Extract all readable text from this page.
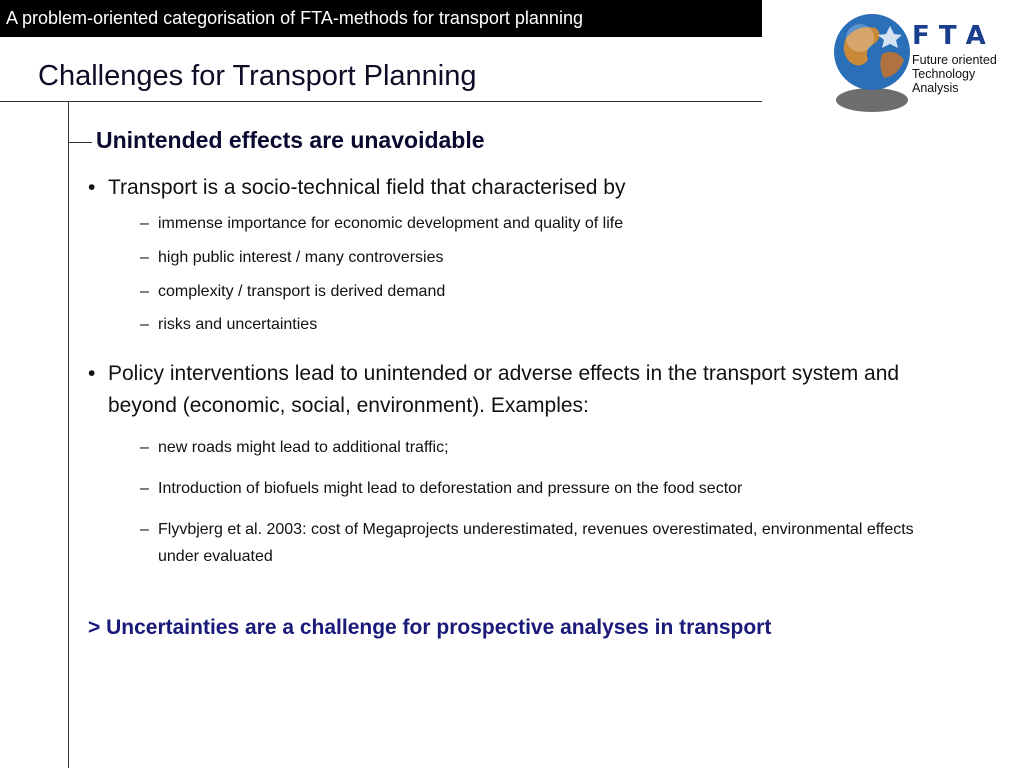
A problem-oriented categorisation of FTA-methods for transport planning
Challenges for Transport Planning
Unintended effects are unavoidable
• Transport is a socio-technical field that characterised by
– immense importance for economic development and quality of life
– high public interest / many controversies
– complexity / transport is derived demand
– risks and uncertainties
• Policy interventions lead to unintended or adverse effects in the transport system and beyond (economic, social, environment). Examples:
– new roads might lead to additional traffic;
– Introduction of biofuels might lead to deforestation and pressure on the food sector
– Flyvbjerg et al. 2003: cost of Megaprojects underestimated, revenues overestimated, environmental effects under evaluated
> Uncertainties are a challenge for prospective analyses in transport
F T A
Future oriented
Technology
Analysis
